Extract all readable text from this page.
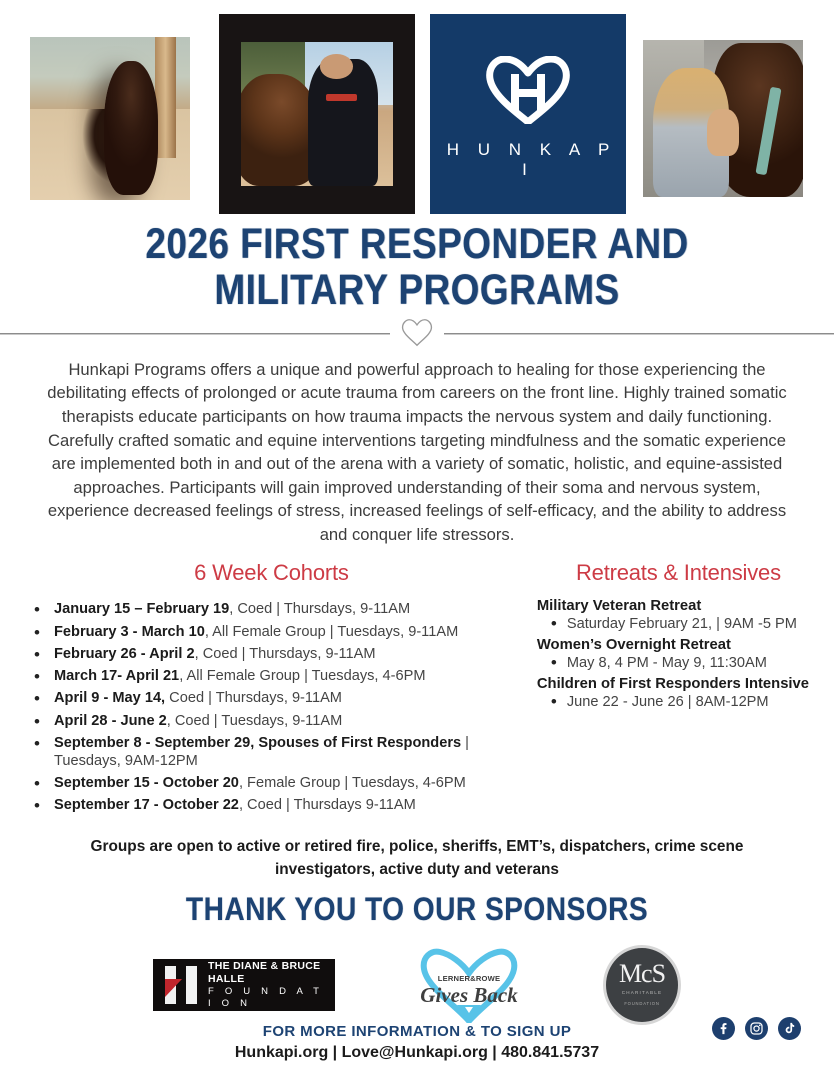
H U N K A P I
2026 FIRST RESPONDER AND
MILITARY PROGRAMS

Hunkapi Programs offers a unique and powerful approach to healing for those experiencing the debilitating effects of prolonged or acute trauma from careers on the front line. Highly trained somatic therapists educate participants on how trauma impacts the nervous system and daily functioning. Carefully crafted somatic and equine interventions targeting mindfulness and the somatic experience are implemented both in and out of the arena with a variety of somatic, holistic, and equine-assisted approaches. Participants will gain improved understanding of their soma and nervous system, experience decreased feelings of stress, increased feelings of self-efficacy, and the ability to address and conquer life stressors.

6 Week Cohorts
• January 15 – February 19, Coed | Thursdays, 9-11AM
• February 3 - March 10, All Female Group | Tuesdays, 9-11AM
• February 26 - April 2, Coed | Thursdays, 9-11AM
• March 17- April 21, All Female Group | Tuesdays, 4-6PM
• April 9 - May 14, Coed | Thursdays, 9-11AM
• April 28 - June 2, Coed | Tuesdays, 9-11AM
• September 8 - September 29, Spouses of First Responders | Tuesdays, 9AM-12PM
• September 15 - October 20, Female Group | Tuesdays, 4-6PM
• September 17 - October 22, Coed | Thursdays 9-11AM
Retreats & Intensives
Military Veteran Retreat
• Saturday February 21, | 9AM -5 PM
Women’s Overnight Retreat
• May 8, 4 PM - May 9, 11:30AM
Children of First Responders Intensive
• June 22 - June 26 | 8AM-12PM
Groups are open to active or retired fire, police, sheriffs, EMT’s, dispatchers, crime scene investigators, active duty and veterans
THANK YOU TO OUR SPONSORS
THE DIANE & BRUCE HALLE
F O U N D A T I O N
LERNER&ROWE
Gives Back
McS
CHARITABLE
FOUNDATION
FOR MORE INFORMATION & TO SIGN UP
Hunkapi.org | Love@Hunkapi.org | 480.841.5737
